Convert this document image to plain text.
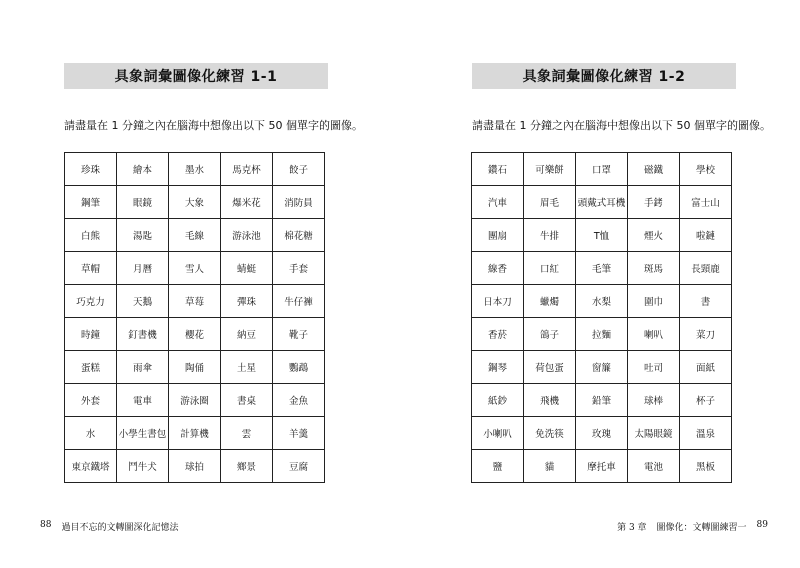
具象詞彙圖像化練習 1-1
請盡量在 1 分鐘之內在腦海中想像出以下 50 個單字的圖像。
珍珠	繪本	墨水	馬克杯	餃子
鋼筆	眼鏡	大象	爆米花	消防員
白熊	湯匙	毛線	游泳池	棉花糖
草帽	月曆	雪人	蜻蜓	手套
巧克力	天鵝	草莓	彈珠	牛仔褲
時鐘	釘書機	櫻花	納豆	靴子
蛋糕	雨傘	陶俑	土星	鸚鵡
外套	電車	游泳圈	書桌	金魚
水	小學生書包	計算機	雲	羊羹
東京鐵塔	鬥牛犬	球拍	鄉景	豆腐
88 過目不忘的文轉圖深化記憶法
具象詞彙圖像化練習 1-2
請盡量在 1 分鐘之內在腦海中想像出以下 50 個單字的圖像。
鑽石	可樂餅	口罩	磁鐵	學校
汽車	眉毛	頭戴式耳機	手銬	富士山
團扇	牛排	T恤	煙火	啦鏈
線香	口紅	毛筆	斑馬	長頸鹿
日本刀	蠟燭	水梨	圍巾	書
香菸	鴿子	拉麵	喇叭	菜刀
鋼琴	荷包蛋	窗簾	吐司	面紙
紙鈔	飛機	鉛筆	球棒	杯子
小喇叭	免洗筷	玫瑰	太陽眼鏡	溫泉
鹽	貓	摩托車	電池	黑板
第 3 章 圖像化：文轉圖練習一 89
